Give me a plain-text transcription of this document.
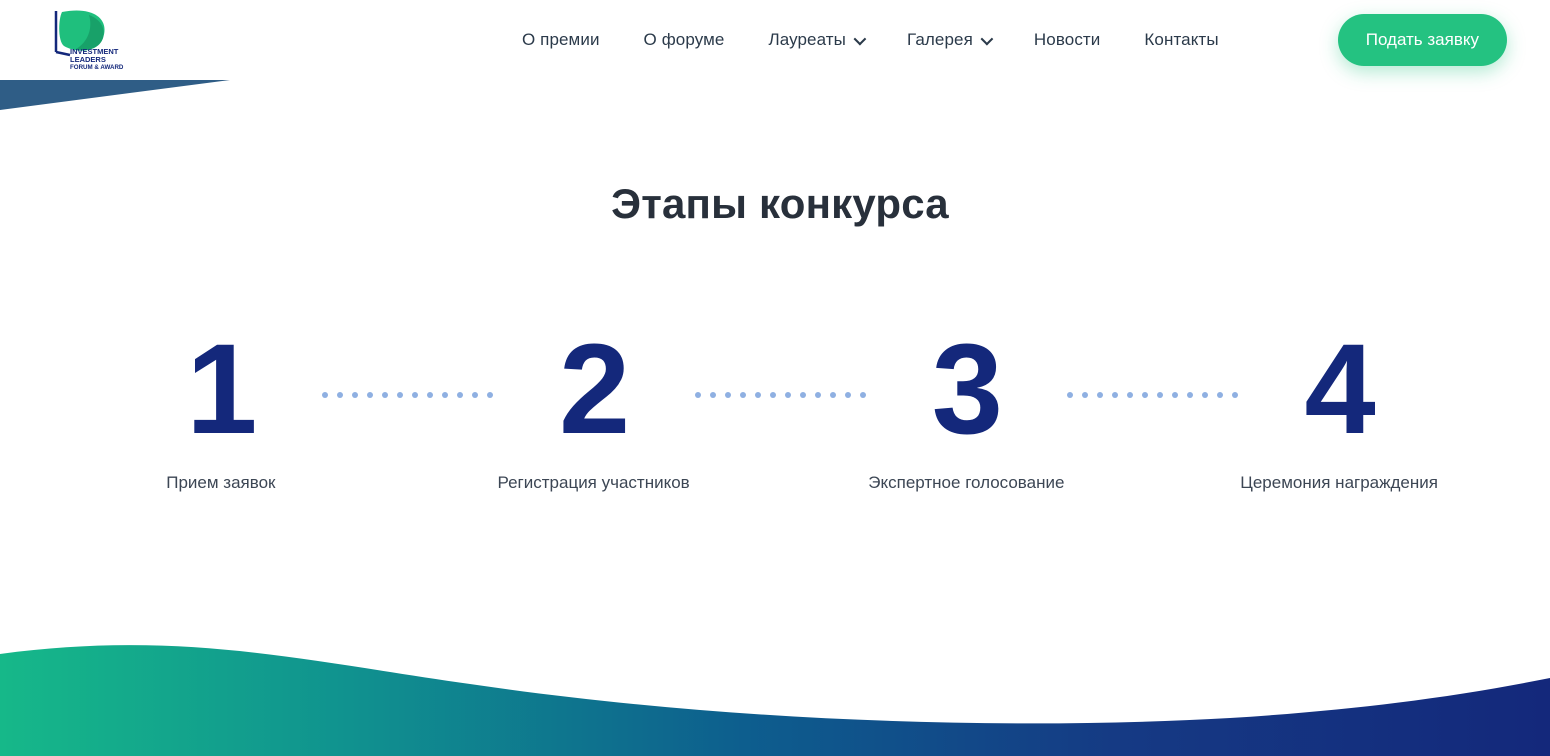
INVESTMENT
LEADERS
FORUM & AWARD
О премии	О форуме	Лауреаты	Галерея	Новости	Контакты	Подать заявку
Этапы конкурса
1
Прием заявок
2
Регистрация участников
3
Экспертное голосование
4
Церемония награждения
